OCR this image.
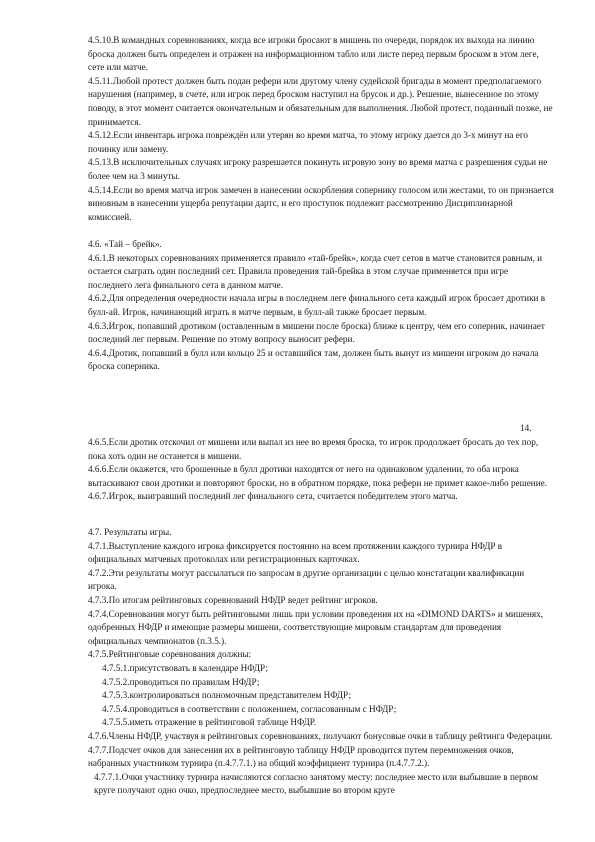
4.5.10.В командных соревнованиях, когда все игроки бросают в мишень по очереди, порядок их выхода на линию броска должен быть определен и отражен на информационном табло или листе перед первым броском в этом леге, сете или матче.

4.5.11.Любой протест должен быть подан рефери или другому члену судейской бригады в момент предполагаемого нарушения (например, в счете, или игрок перед броском наступил на брусок и др.). Решение, вынесенное по этому поводу, в этот момент считается окончательным и обязательным для выполнения. Любой протест, поданный позже, не принимается.

4.5.12.Если инвентарь игрока повреждён или утерян во время матча, то этому игроку дается до 3-х минут на его починку или замену.

4.5.13.В исключительных случаях игроку разрешается покинуть игровую зону во время матча с разрешения судьи не более чем на 3 минуты.

4.5.14.Если во время матча игрок замечен в нанесении оскорбления сопернику голосом или жестами, то он признается виновным в нанесении ущерба репутации дартс, и его проступок подлежит рассмотрению Дисциплинарной комиссией.

4.6. «Тай – брейк».

4.6.1.В некоторых соревнованиях применяется правило «тай-брейк», когда счет сетов в матче становится равным, и остается сыграть один последний сет. Правила проведения тай-брейка в этом случае применяется при игре последнего лега финального сета в данном матче.

4.6.2.Для определения очередности начала игры в последнем леге финального сета каждый игрок бросает дротики в булл-ай. Игрок, начинающий играть в матче первым, в булл-ай также бросает первым.

4.6.3.Игрок, попавший дротиком (оставленным в мишени после броска) ближе к центру, чем его соперник, начинает последний лег первым. Решение по этому вопросу выносит рефери.

4.6.4.Дротик, попавший в булл или кольцо 25 и оставшийся там, должен быть вынут из мишени игроком до начала броска соперника.

14.

4.6.5.Если дротик отскочил от мишени или выпал из нее во время броска, то игрок продолжает бросать до тех пор, пока хоть один не останется в мишени.

4.6.6.Если окажется, что брошенные в булл дротики находятся от него на одинаковом удалении, то оба игрока вытаскивают свои дротики и повторяют броски, но в обратном порядке, пока рефери не примет какое-либо решение.

4.6.7.Игрок, выигравший последний лег финального сета, считается победителем этого матча.

4.7. Результаты игры.

4.7.1.Выступление каждого игрока фиксируется постоянно на всем протяжении каждого турнира НФДР в официальных матчевых протоколах или регистрационных карточках.

4.7.2.Эти результаты могут рассылаться по запросам в другие организации с целью констатации квалификации игрока.

4.7.3.По итогам рейтинговых соревнований НФДР ведет рейтинг игроков.

4.7.4.Соревнования могут быть рейтинговыми лишь при условии проведения их на «DIMOND DARTS» и мишенях, одобренных НФДР и имеющие размеры мишени, соответствующие мировым стандартам для проведения официальных чемпионатов (п.3.5.).

4.7.5.Рейтинговые соревнования должны:

4.7.5.1.присутствовать в календаре НФДР;

4.7.5.2.проводиться по правилам НФДР;

4.7.5.3.контролироваться полномочным представителем НФДР;

4.7.5.4.проводиться в соответствии с положением, согласованным с НФДР;

4.7.5.5.иметь отражение в рейтинговой таблице НФДР.

4.7.6.Члены НФДР, участвуя в рейтинговых соревнованиях, получают бонусовые очки в таблицу рейтинга Федерации.

4.7.7.Подсчет очков для занесения их в рейтинговую таблицу НФДР проводится путем перемножения очков, набранных участником турнира (п.4.7.7.1.) на общий коэффициент турнира (п.4.7.7.2.).

4.7.7.1.Очки участнику турнира начисляются согласно занятому месту: последнее место или выбывшие в первом круге получают одно очко, предпоследнее место, выбывшие во втором круге
